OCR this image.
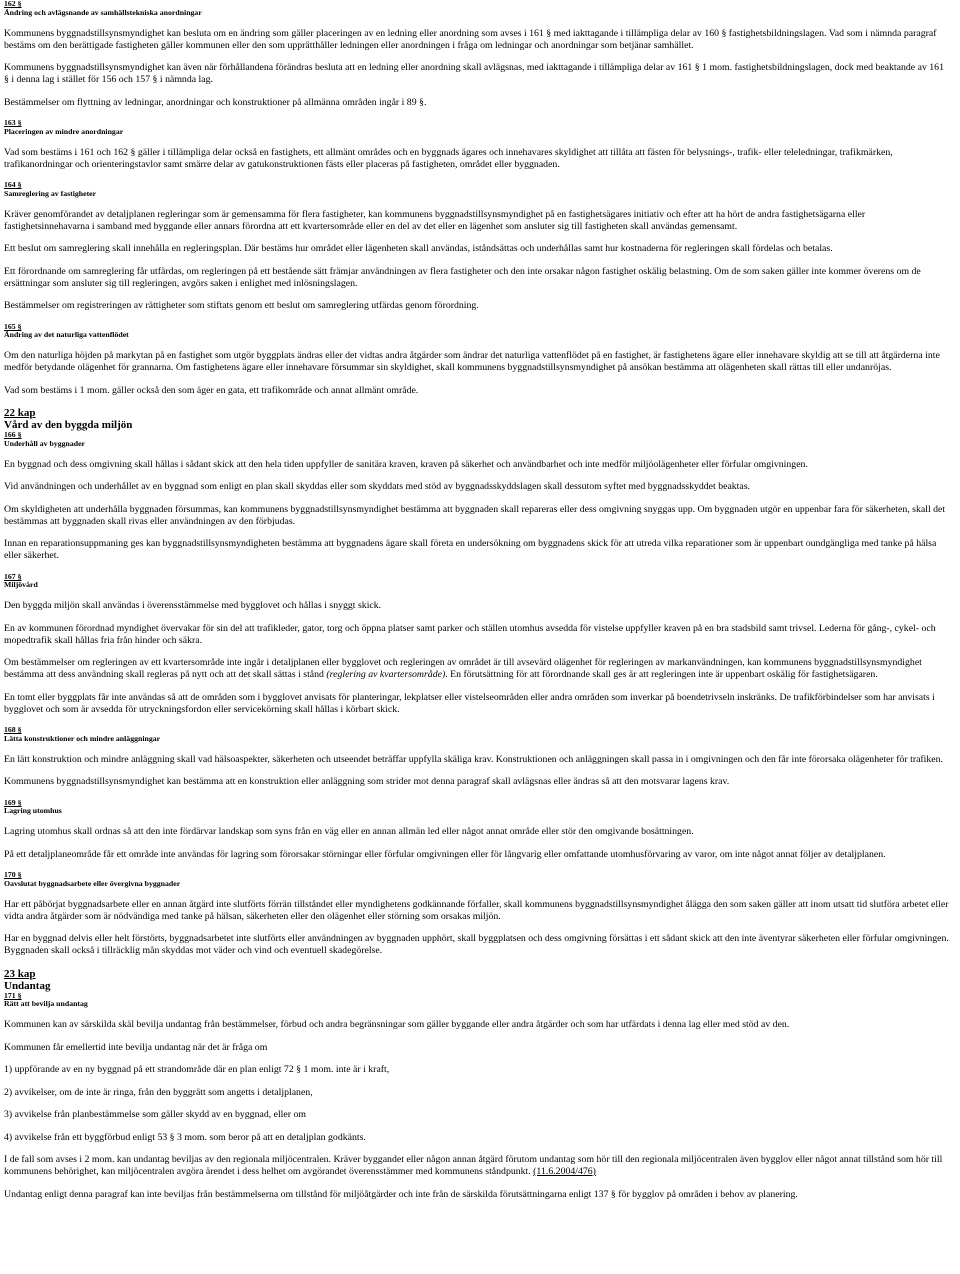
162 §
Ändring och avlägsnande av samhällstekniska anordningar

Kommunens byggnadstillsynsmyndighet kan besluta om en ändring som gäller placeringen av en ledning eller anordning som avses i 161 § med iakttagande i tillämpliga delar av 160 § fastighetsbildningslagen. Vad som i nämnda paragraf bestäms om den berättigade fastigheten gäller kommunen eller den som upprätthåller ledningen eller anordningen i fråga om ledningar och anordningar som betjänar samhället.

Kommunens byggnadstillsynsmyndighet kan även när förhållandena förändras besluta att en ledning eller anordning skall avlägsnas, med iakttagande i tillämpliga delar av 161 § 1 mom. fastighetsbildningslagen, dock med beaktande av 161 § i denna lag i stället för 156 och 157 § i nämnda lag.

Bestämmelser om flyttning av ledningar, anordningar och konstruktioner på allmänna områden ingår i 89 §.

163 §
Placeringen av mindre anordningar

Vad som bestäms i 161 och 162 § gäller i tillämpliga delar också en fastighets, ett allmänt områdes och en byggnads ägares och innehavares skyldighet att tillåta att fästen för belysnings-, trafik- eller teleledningar, trafikmärken, trafikanordningar och orienteringstavlor samt smärre delar av gatukonstruktionen fästs eller placeras på fastigheten, området eller byggnaden.

164 §
Samreglering av fastigheter

Kräver genomförandet av detaljplanen regleringar som är gemensamma för flera fastigheter, kan kommunens byggnadstillsynsmyndighet på en fastighetsägares initiativ och efter att ha hört de andra fastighetsägarna eller fastighetsinnehavarna i samband med byggande eller annars förordna att ett kvartersområde eller en del av det eller en lägenhet som ansluter sig till fastigheten skall användas gemensamt.

Ett beslut om samreglering skall innehålla en regleringsplan. Där bestäms hur området eller lägenheten skall användas, iståndsättas och underhållas samt hur kostnaderna för regleringen skall fördelas och betalas.

Ett förordnande om samreglering får utfärdas, om regleringen på ett bestående sätt främjar användningen av flera fastigheter och den inte orsakar någon fastighet oskälig belastning. Om de som saken gäller inte kommer överens om de ersättningar som ansluter sig till regleringen, avgörs saken i enlighet med inlösningslagen.

Bestämmelser om registreringen av rättigheter som stiftats genom ett beslut om samreglering utfärdas genom förordning.

165 §
Ändring av det naturliga vattenflödet

Om den naturliga höjden på markytan på en fastighet som utgör byggplats ändras eller det vidtas andra åtgärder som ändrar det naturliga vattenflödet på en fastighet, är fastighetens ägare eller innehavare skyldig att se till att åtgärderna inte medför betydande olägenhet för grannarna. Om fastighetens ägare eller innehavare försummar sin skyldighet, skall kommunens byggnadstillsynsmyndighet på ansökan bestämma att olägenheten skall rättas till eller undanröjas.

Vad som bestäms i 1 mom. gäller också den som äger en gata, ett trafikområde och annat allmänt område.

22 kap
Vård av den byggda miljön
166 §
Underhåll av byggnader

En byggnad och dess omgivning skall hållas i sådant skick att den hela tiden uppfyller de sanitära kraven, kraven på säkerhet och användbarhet och inte medför miljöolägenheter eller förfular omgivningen.

Vid användningen och underhållet av en byggnad som enligt en plan skall skyddas eller som skyddats med stöd av byggnadsskyddslagen skall dessutom syftet med byggnadsskyddet beaktas.

Om skyldigheten att underhålla byggnaden försummas, kan kommunens byggnadstillsynsmyndighet bestämma att byggnaden skall repareras eller dess omgivning snyggas upp. Om byggnaden utgör en uppenbar fara för säkerheten, skall det bestämmas att byggnaden skall rivas eller användningen av den förbjudas.

Innan en reparationsuppmaning ges kan byggnadstillsynsmyndigheten bestämma att byggnadens ägare skall företa en undersökning om byggnadens skick för att utreda vilka reparationer som är uppenbart oundgängliga med tanke på hälsa eller säkerhet.

167 §
Miljövård

Den byggda miljön skall användas i överensstämmelse med bygglovet och hållas i snyggt skick.

En av kommunen förordnad myndighet övervakar för sin del att trafikleder, gator, torg och öppna platser samt parker och ställen utomhus avsedda för vistelse uppfyller kraven på en bra stadsbild samt trivsel. Lederna för gång-, cykel- och mopedtrafik skall hållas fria från hinder och säkra.

Om bestämmelser om regleringen av ett kvartersområde inte ingår i detaljplanen eller bygglovet och regleringen av området är till avsevärd olägenhet för regleringen av markanvändningen, kan kommunens byggnadstillsynsmyndighet bestämma att dess användning skall regleras på nytt och att det skall sättas i stånd (reglering av kvartersområde). En förutsättning för att förordnande skall ges är att regleringen inte är uppenbart oskälig för fastighetsägaren.

En tomt eller byggplats får inte användas så att de områden som i bygglovet anvisats för planteringar, lekplatser eller vistelseområden eller andra områden som inverkar på boendetrivseln inskränks. De trafikförbindelser som har anvisats i bygglovet och som är avsedda för utryckningsfordon eller servicekörning skall hållas i körbart skick.

168 §
Lätta konstruktioner och mindre anläggningar

En lätt konstruktion och mindre anläggning skall vad hälsoaspekter, säkerheten och utseendet beträffar uppfylla skäliga krav. Konstruktionen och anläggningen skall passa in i omgivningen och den får inte förorsaka olägenheter för trafiken.

Kommunens byggnadstillsynsmyndighet kan bestämma att en konstruktion eller anläggning som strider mot denna paragraf skall avlägsnas eller ändras så att den motsvarar lagens krav.

169 §
Lagring utomhus

Lagring utomhus skall ordnas så att den inte fördärvar landskap som syns från en väg eller en annan allmän led eller något annat område eller stör den omgivande bosättningen.

På ett detaljplaneområde får ett område inte användas för lagring som förorsakar störningar eller förfular omgivningen eller för långvarig eller omfattande utomhusförvaring av varor, om inte något annat följer av detaljplanen.

170 §
Oavslutat byggnadsarbete eller övergivna byggnader

Har ett påbörjat byggnadsarbete eller en annan åtgärd inte slutförts förrän tillståndet eller myndighetens godkännande förfaller, skall kommunens byggnadstillsynsmyndighet ålägga den som saken gäller att inom utsatt tid slutföra arbetet eller vidta andra åtgärder som är nödvändiga med tanke på hälsan, säkerheten eller den olägenhet eller störning som orsakas miljön.

Har en byggnad delvis eller helt förstörts, byggnadsarbetet inte slutförts eller användningen av byggnaden upphört, skall byggplatsen och dess omgivning försättas i ett sådant skick att den inte äventyrar säkerheten eller förfular omgivningen. Byggnaden skall också i tillräcklig mån skyddas mot väder och vind och eventuell skadegörelse.

23 kap
Undantag
171 §
Rätt att bevilja undantag

Kommunen kan av särskilda skäl bevilja undantag från bestämmelser, förbud och andra begränsningar som gäller byggande eller andra åtgärder och som har utfärdats i denna lag eller med stöd av den.

Kommunen får emellertid inte bevilja undantag när det är fråga om

1) uppförande av en ny byggnad på ett strandområde där en plan enligt 72 § 1 mom. inte är i kraft,

2) avvikelser, om de inte är ringa, från den byggrätt som angetts i detaljplanen,

3) avvikelse från planbestämmelse som gäller skydd av en byggnad, eller om

4) avvikelse från ett byggförbud enligt 53 § 3 mom. som beror på att en detaljplan godkänts.

I de fall som avses i 2 mom. kan undantag beviljas av den regionala miljöcentralen. Kräver byggandet eller någon annan åtgärd förutom undantag som hör till den regionala miljöcentralen även bygglov eller något annat tillstånd som hör till kommunens behörighet, kan miljöcentralen avgöra ärendet i dess helhet om avgörandet överensstämmer med kommunens ståndpunkt. (11.6.2004/476)

Undantag enligt denna paragraf kan inte beviljas från bestämmelserna om tillstånd för miljöåtgärder och inte från de särskilda förutsättningarna enligt 137 § för bygglov på områden i behov av planering.
